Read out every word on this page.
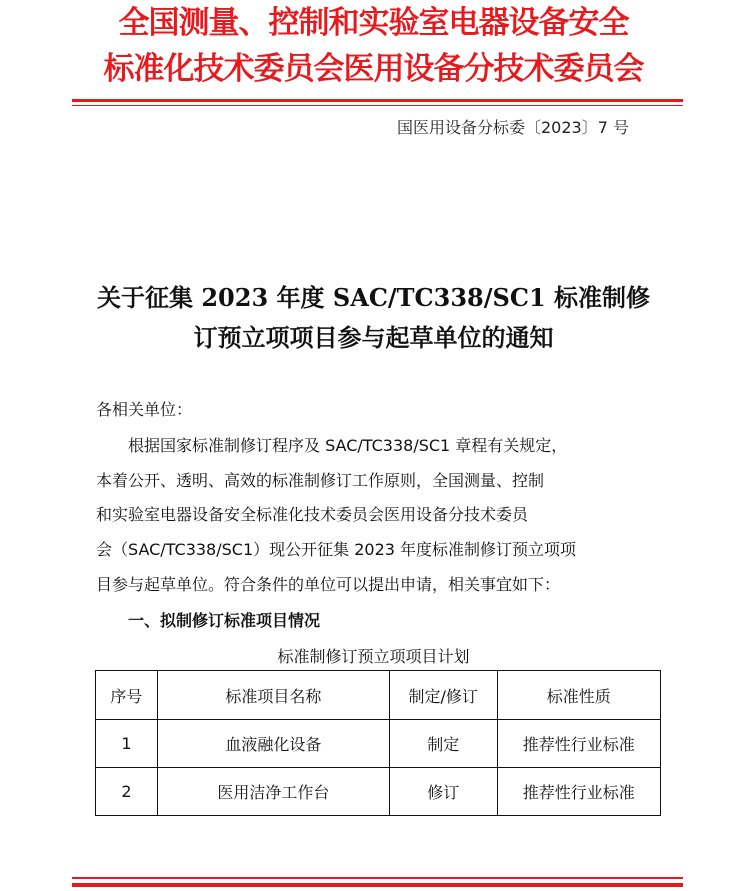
全国测量、控制和实验室电器设备安全
标准化技术委员会医用设备分技术委员会
国医用设备分标委〔2023〕7 号
关于征集 2023 年度 SAC/TC338/SC1 标准制修
订预立项项目参与起草单位的通知
各相关单位：
　　根据国家标准制修订程序及 SAC/TC338/SC1 章程有关规定，
本着公开、透明、高效的标准制修订工作原则，全国测量、控制
和实验室电器设备安全标准化技术委员会医用设备分技术委员
会（SAC/TC338/SC1）现公开征集 2023 年度标准制修订预立项项
目参与起草单位。符合条件的单位可以提出申请，相关事宜如下：
　　一、拟制修订标准项目情况
标准制修订预立项项目计划
序号	标准项目名称	制定/修订	标准性质
1	血液融化设备	制定	推荐性行业标准
2	医用洁净工作台	修订	推荐性行业标准
